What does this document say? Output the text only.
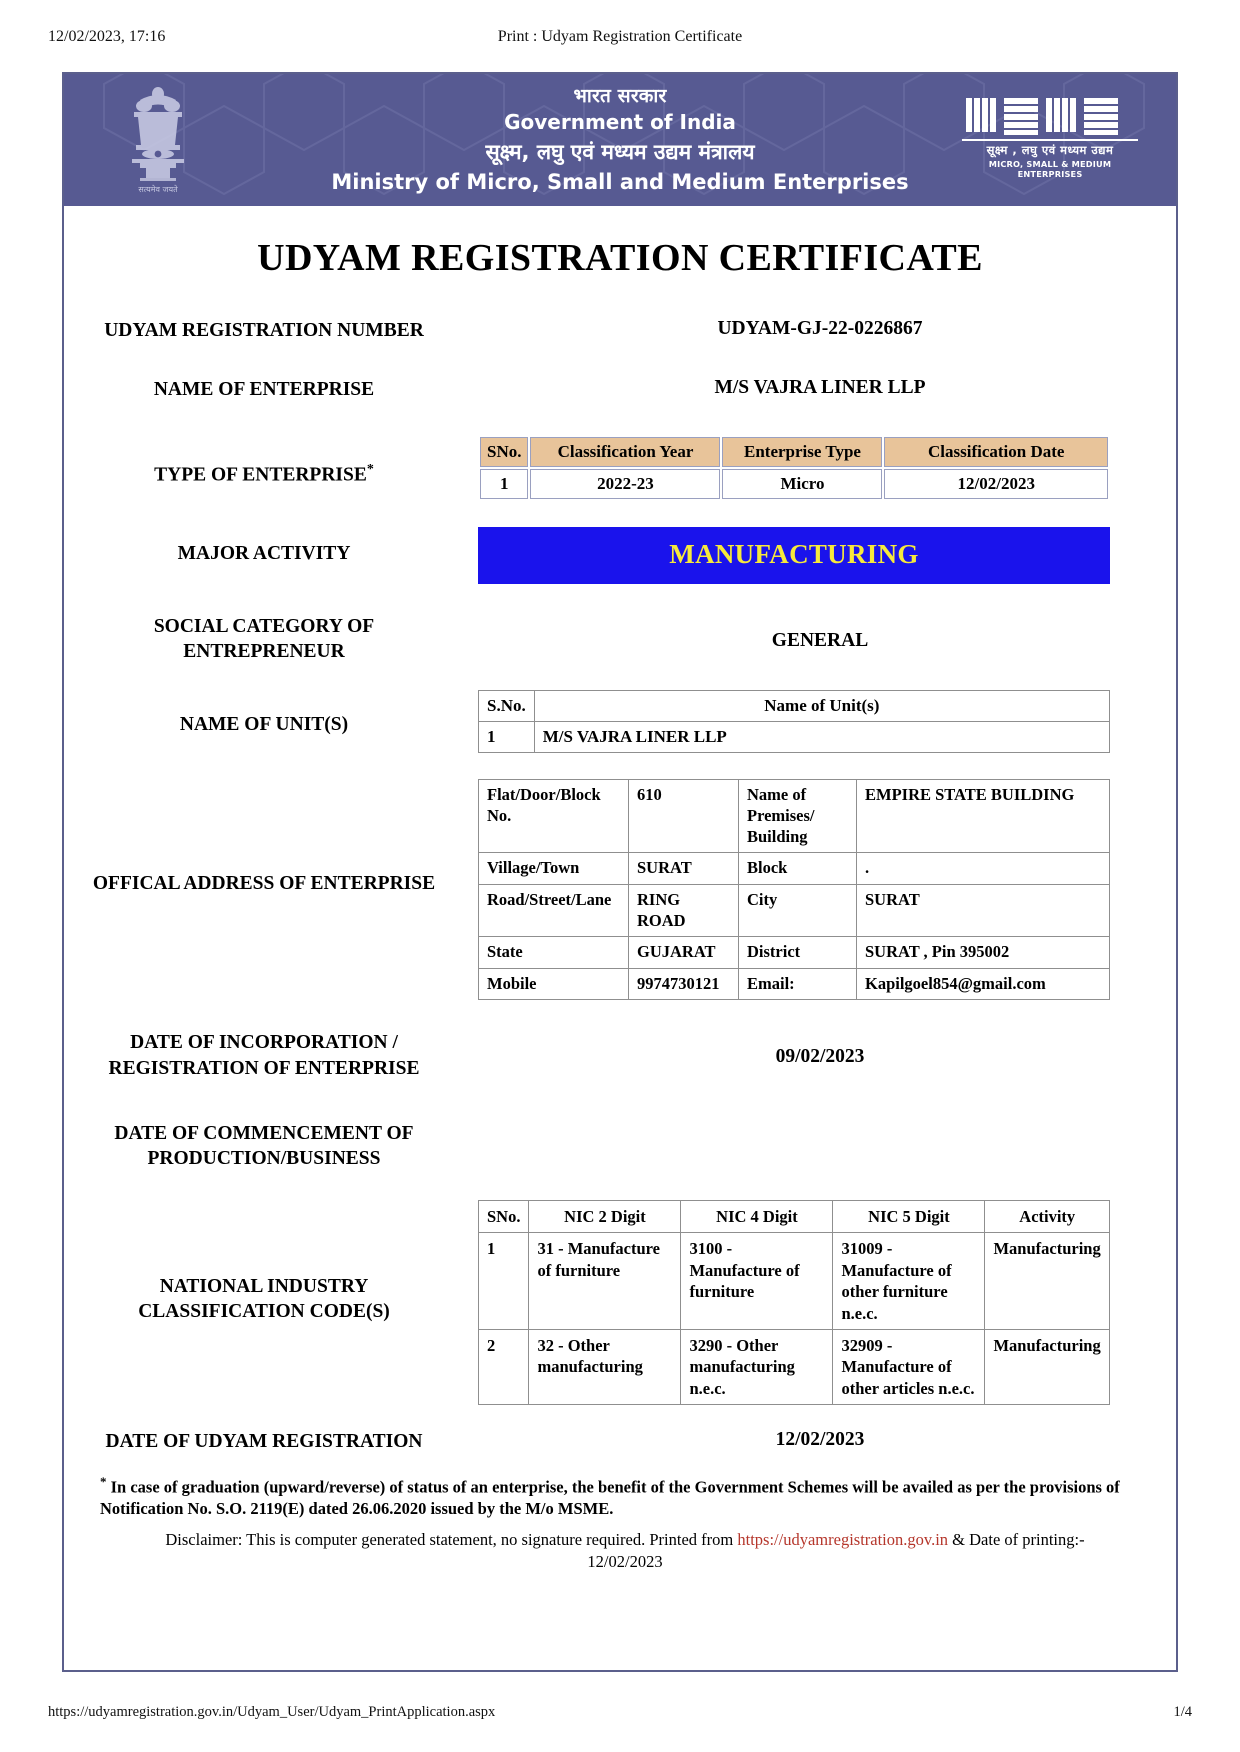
12/02/2023, 17:16	Print : Udyam Registration Certificate
सत्यमेव जयते
भारत सरकार
Government of India
सूक्ष्म, लघु एवं मध्यम उद्यम मंत्रालय
Ministry of Micro, Small and Medium Enterprises
सूक्ष्म , लघु एवं मध्यम उद्यम
MICRO, SMALL & MEDIUM ENTERPRISES
UDYAM REGISTRATION CERTIFICATE
UDYAM REGISTRATION NUMBER	UDYAM-GJ-22-0226867
NAME OF ENTERPRISE	M/S VAJRA LINER LLP
TYPE OF ENTERPRISE*
SNo.	Classification Year	Enterprise Type	Classification Date
1	2022-23	Micro	12/02/2023
MAJOR ACTIVITY	MANUFACTURING
SOCIAL CATEGORY OF
ENTREPRENEUR
GENERAL
NAME OF UNIT(S)
S.No.	Name of Unit(s)
1	M/S VAJRA LINER LLP
OFFICAL ADDRESS OF ENTERPRISE
Flat/Door/Block No.	610	Name of Premises/ Building	EMPIRE STATE BUILDING
Village/Town	SURAT	Block	.
Road/Street/Lane	RING ROAD	City	SURAT
State	GUJARAT	District	SURAT , Pin 395002
Mobile	9974730121	Email:	Kapilgoel854@gmail.com
DATE OF INCORPORATION /
REGISTRATION OF ENTERPRISE
09/02/2023
DATE OF COMMENCEMENT OF
PRODUCTION/BUSINESS
NATIONAL INDUSTRY
CLASSIFICATION CODE(S)
SNo.	NIC 2 Digit	NIC 4 Digit	NIC 5 Digit	Activity
1	31 - Manufacture of furniture	3100 - Manufacture of furniture	31009 - Manufacture of other furniture n.e.c.	Manufacturing
2	32 - Other manufacturing	3290 - Other manufacturing n.e.c.	32909 - Manufacture of other articles n.e.c.	Manufacturing
DATE OF UDYAM REGISTRATION	12/02/2023
* In case of graduation (upward/reverse) of status of an enterprise, the benefit of the Government Schemes will be availed as per the provisions of Notification No. S.O. 2119(E) dated 26.06.2020 issued by the M/o MSME.
Disclaimer: This is computer generated statement, no signature required. Printed from https://udyamregistration.gov.in & Date of printing:-
12/02/2023
https://udyamregistration.gov.in/Udyam_User/Udyam_PrintApplication.aspx	1/4
